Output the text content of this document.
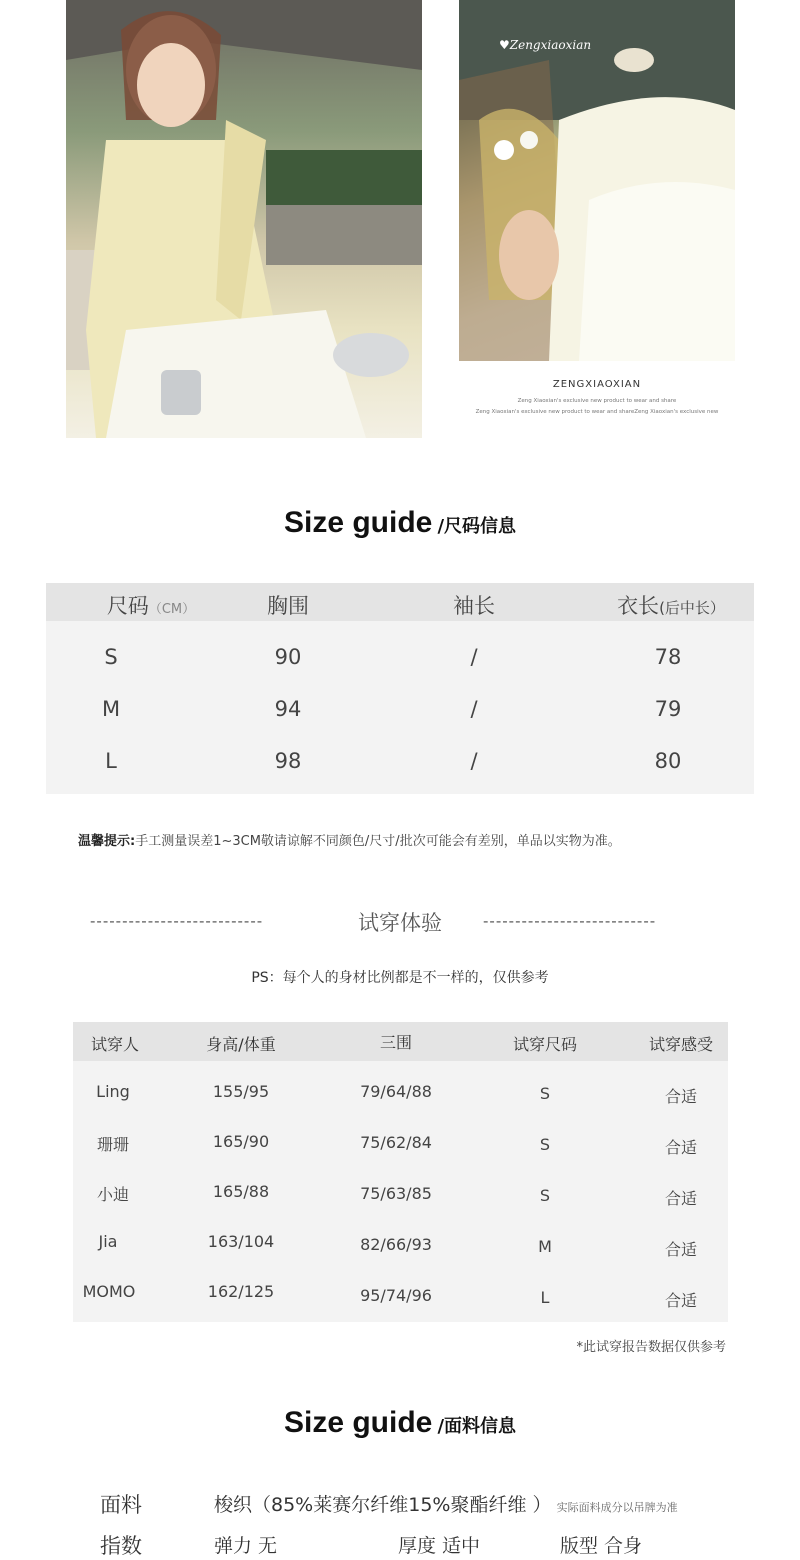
♥Zengxiaoxian
ZENGXIAOXIAN
Zeng Xiaoxian's exclusive new product to wear and share
Zeng Xiaoxian's exclusive new product to wear and shareZeng Xiaoxian's exclusive new
Size guide /尺码信息
尺码（CM）	胸围	袖长	衣长(后中长）
S	90	/	78
M	94	/	79
L	98	/	80
温馨提示:手工测量误差1~3CM敬请谅解不同颜色/尺寸/批次可能会有差别，单品以实物为准。
---------------------------	试穿体验	---------------------------
PS：每个人的身材比例都是不一样的，仅供参考
试穿人	身高/体重	三围	试穿尺码	试穿感受
Ling	155/95	79/64/88	S	合适
珊珊	165/90	75/62/84	S	合适
小迪	165/88	75/63/85	S	合适
Jia	163/104	82/66/93	M	合适
MOMO	162/125	95/74/96	L	合适
*此试穿报告数据仅供参考
Size guide /面料信息
面料	梭织（85%莱赛尔纤维15%聚酯纤维 ） 实际面料成分以吊牌为准
指数	弹力 无	厚度 适中	版型 合身
